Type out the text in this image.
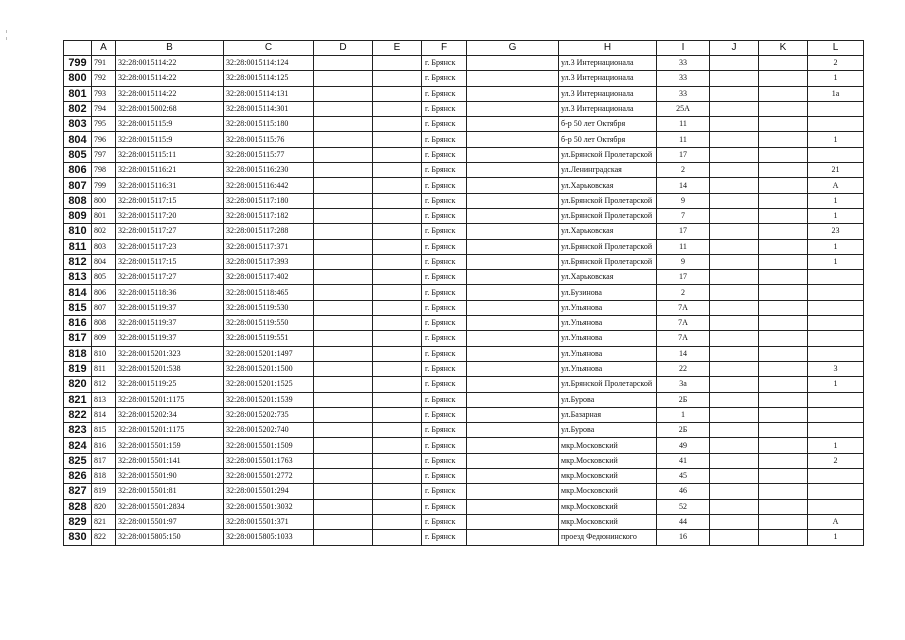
	A	B	C	D	E	F	G	H	I	J	K	L
799	791	32:28:0015114:22	32:28:0015114:124			г. Брянск		ул.3 Интернационала	33			2
800	792	32:28:0015114:22	32:28:0015114:125			г. Брянск		ул.3 Интернационала	33			1
801	793	32:28:0015114:22	32:28:0015114:131			г. Брянск		ул.3 Интернационала	33			1а
802	794	32:28:0015002:68	32:28:0015114:301			г. Брянск		ул.3 Интернационала	25А			
803	795	32:28:0015115:9	32:28:0015115:180			г. Брянск		б-р 50 лет Октября	11			
804	796	32:28:0015115:9	32:28:0015115:76			г. Брянск		б-р 50 лет Октября	11			1
805	797	32:28:0015115:11	32:28:0015115:77			г. Брянск		ул.Брянской Пролетарской	17			
806	798	32:28:0015116:21	32:28:0015116:230			г. Брянск		ул.Ленинградская	2			21
807	799	32:28:0015116:31	32:28:0015116:442			г. Брянск		ул.Харьковская	14			А
808	800	32:28:0015117:15	32:28:0015117:180			г. Брянск		ул.Брянской Пролетарской	9			1
809	801	32:28:0015117:20	32:28:0015117:182			г. Брянск		ул.Брянской Пролетарской	7			1
810	802	32:28:0015117:27	32:28:0015117:288			г. Брянск		ул.Харьковская	17			23
811	803	32:28:0015117:23	32:28:0015117:371			г. Брянск		ул.Брянской Пролетарской	11			1
812	804	32:28:0015117:15	32:28:0015117:393			г. Брянск		ул.Брянской Пролетарской	9			1
813	805	32:28:0015117:27	32:28:0015117:402			г. Брянск		ул.Харьковская	17			
814	806	32:28:0015118:36	32:28:0015118:465			г. Брянск		ул.Бузинова	2			
815	807	32:28:0015119:37	32:28:0015119:530			г. Брянск		ул.Ульянова	7А			
816	808	32:28:0015119:37	32:28:0015119:550			г. Брянск		ул.Ульянова	7А			
817	809	32:28:0015119:37	32:28:0015119:551			г. Брянск		ул.Ульянова	7А			
818	810	32:28:0015201:323	32:28:0015201:1497			г. Брянск		ул.Ульянова	14			
819	811	32:28:0015201:538	32:28:0015201:1500			г. Брянск		ул.Ульянова	22			3
820	812	32:28:0015119:25	32:28:0015201:1525			г. Брянск		ул.Брянской Пролетарской	3а			1
821	813	32:28:0015201:1175	32:28:0015201:1539			г. Брянск		ул.Бурова	2Б			
822	814	32:28:0015202:34	32:28:0015202:735			г. Брянск		ул.Базарная	1			
823	815	32:28:0015201:1175	32:28:0015202:740			г. Брянск		ул.Бурова	2Б			
824	816	32:28:0015501:159	32:28:0015501:1509			г. Брянск		мкр.Московский	49			1
825	817	32:28:0015501:141	32:28:0015501:1763			г. Брянск		мкр.Московский	41			2
826	818	32:28:0015501:90	32:28:0015501:2772			г. Брянск		мкр.Московский	45			
827	819	32:28:0015501:81	32:28:0015501:294			г. Брянск		мкр.Московский	46			
828	820	32:28:0015501:2834	32:28:0015501:3032			г. Брянск		мкр.Московский	52			
829	821	32:28:0015501:97	32:28:0015501:371			г. Брянск		мкр.Московский	44			А
830	822	32:28:0015805:150	32:28:0015805:1033			г. Брянск		проезд Федюнинского	16			1
